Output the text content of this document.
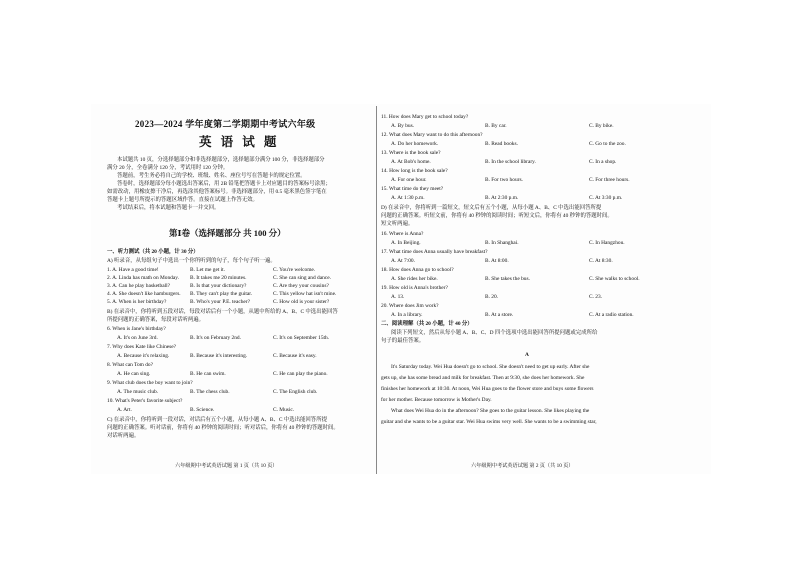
2023—2024 学年度第二学期期中考试六年级
英 语 试 题
本试题共 10 页，分选择题部分和非选择题部分，选择题部分满分 100 分，非选择题部分
满分 20 分，全卷满分 120 分，考试用时 120 分钟。
答题前，考生务必将自己的学校、班级、姓名、座位号写在答题卡的规定位置。
答卷时，选择题部分每小题选出答案后，用 2B 铅笔把答题卡上对应题目的答案标号涂黑；
如需改动，用橡皮擦干净后，再选涂其他答案标号。非选择题部分，用 0.5 毫米黑色签字笔在
答题卡上题号所提示的答题区域作答。直接在试题上作答无效。
考试结束后，将本试题和答题卡一并交回。
第Ⅰ卷（选择题部分 共 100 分）
一、听力测试（共 20 小题，计 30 分）
A) 听录音，从每组句子中选出一个你所听到的句子，每个句子听一遍。
1. A. Have a good time!	B. Let me get it.	C. You're welcome.
2. A. Linda has math on Monday. B. It takes me 20 minutes.	C. She can sing and dance.
3. A. Can he play basketball?	B. Is that your dictionary?	C. Are they your cousins?
4. A. She doesn't like hamburgers. B. They can't play the guitar.	C. This yellow hat isn't mine.
5. A. When is her birthday?	B. Who's your P.E. teacher?	C. How old is your sister?
B) 在录音中，你将听到五段对话，每段对话后有一个小题，从题中所给的 A、B、C 中选出能回答
所提问题的正确答案，每段对话听两遍。
6. When is Jane's birthday?
A. It's on June 3rd.	B. It's on February 2nd.	C. It's on September 15th.
7. Why does Kate like Chinese?
A. Because it's relaxing.	B. Because it's interesting.	C. Because it's easy.
8. What can Tom do?
A. He can sing.	B. He can swim.	C. He can play the piano.
9. What club does the boy want to join?
A. The music club.	B. The chess club.	C. The English club.
10. What's Peter's favorite subject?
A. Art.	B. Science.	C. Music.
C) 在录音中，你将听到一段对话，对话后有五个小题，从每小题 A、B、C 中选出能回答所提
问题的正确答案。听对话前，你将有 40 秒钟的阅读时间；听对话后，你将有 40 秒钟的答题时间。
对话听两遍。
六年级期中考试英语试题 第 1 页（共 10 页）
11. How does Mary get to school today?
A. By bus.	B. By car.	C. By bike.
12. What does Mary want to do this afternoon?
A. Do her homework.	B. Read books.	C. Go to the zoo.
13. Where is the book sale?
A. At Bob's home.	B. In the school library.	C. In a shop.
14. How long is the book sale?
A. For one hour.	B. For two hours.	C. For three hours.
15. What time do they meet?
A. At 1:30 p.m.	B. At 2:30 p.m.	C. At 3:30 p.m.
D) 在录音中，你将听到一篇短文，短文后有五个小题，从每小题 A、B、C 中选出能回答所提
问题的正确答案。听短文前，你将有 40 秒钟的阅读时间；听短文后，你将有 40 秒钟的答题时间。
短文听两遍。
16. Where is Anna?
A. In Beijing.	B. In Shanghai.	C. In Hangzhou.
17. What time does Anna usually have breakfast?
A. At 7:00.	B. At 8:00.	C. At 8:30.
18. How does Anna go to school?
A. She rides her bike.	B. She takes the bus.	C. She walks to school.
19. How old is Anna's brother?
A. 13.	B. 20.	C. 23.
20. Where does Jim work?
A. In a library.	B. At a store.	C. At a radio station.
二、阅读理解（共 20 小题，计 40 分）
阅读下列短文，然后从每小题 A、B、C、D 四个选项中选出能回答所提问题或完成所给
句子的最佳答案。
A
It's Saturday today. Wei Hua doesn't go to school. She doesn't need to get up early. After she
gets up, she has some bread and milk for breakfast. Then at 9:30, she does her homework. She
finishes her homework at 10:30. At noon, Wei Hua goes to the flower store and buys some flowers
for her mother. Because tomorrow is Mother's Day.
What does Wei Hua do in the afternoon? She goes to the guitar lesson. She likes playing the
guitar and she wants to be a guitar star. Wei Hua swims very well. She wants to be a swimming star,
六年级期中考试英语试题 第 2 页（共 10 页）
